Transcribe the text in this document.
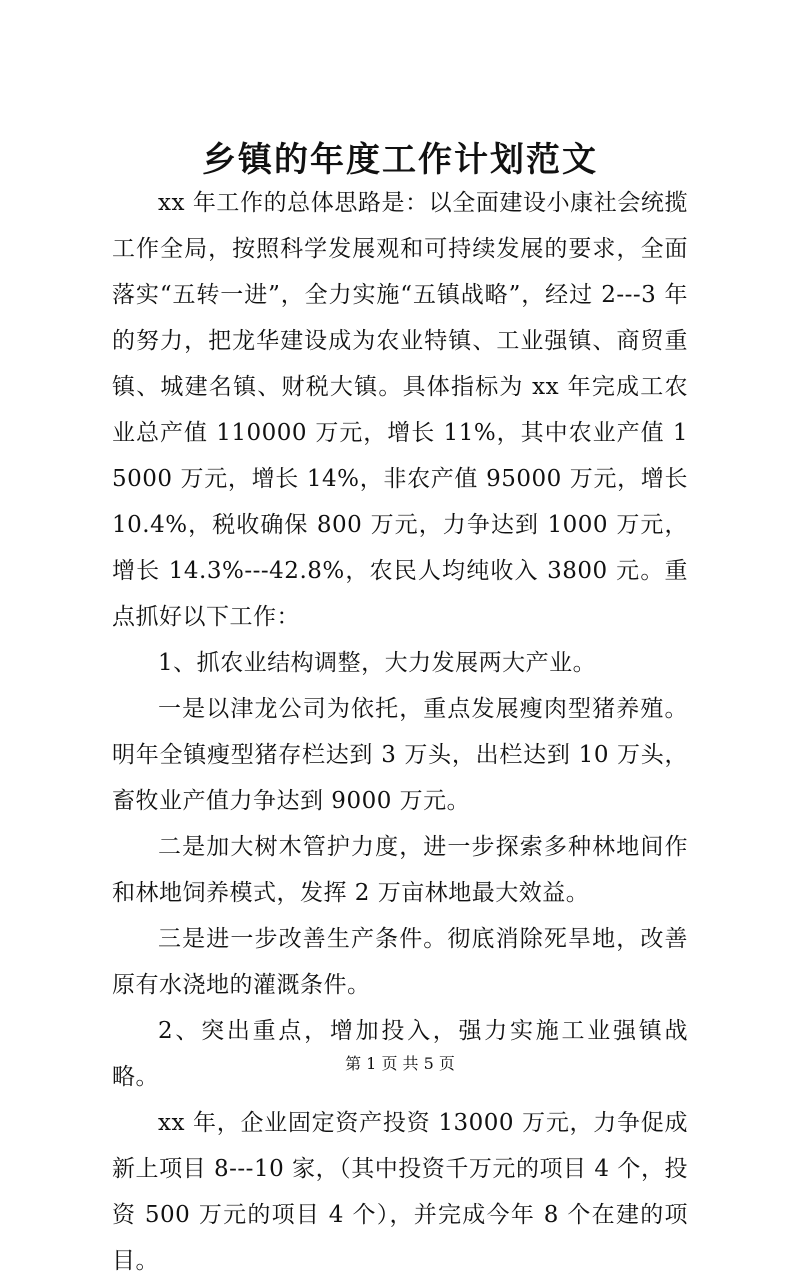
乡镇的年度工作计划范文

xx 年工作的总体思路是：以全面建设小康社会统揽工作全局，按照科学发展观和可持续发展的要求，全面落实“五转一进”，全力实施“五镇战略”，经过 2---3 年的努力，把龙华建设成为农业特镇、工业强镇、商贸重镇、城建名镇、财税大镇。具体指标为 xx 年完成工农业总产值 110000 万元，增长 11%，其中农业产值 15000 万元，增长 14%，非农产值 95000 万元，增长 10.4%，税收确保 800 万元，力争达到 1000 万元，增长 14.3%---42.8%，农民人均纯收入 3800 元。重点抓好以下工作：

1、抓农业结构调整，大力发展两大产业。

一是以津龙公司为依托，重点发展瘦肉型猪养殖。明年全镇瘦型猪存栏达到 3 万头，出栏达到 10 万头，畜牧业产值力争达到 9000 万元。

二是加大树木管护力度，进一步探索多种林地间作和林地饲养模式，发挥 2 万亩林地最大效益。

三是进一步改善生产条件。彻底消除死旱地，改善原有水浇地的灌溉条件。

2、突出重点，增加投入，强力实施工业强镇战略。

xx 年，企业固定资产投资 13000 万元，力争促成新上项目 8---10 家，（其中投资千万元的项目 4 个，投资 500 万元的项目 4 个），并完成今年 8 个在建的项目。

第 1 页 共 5 页
